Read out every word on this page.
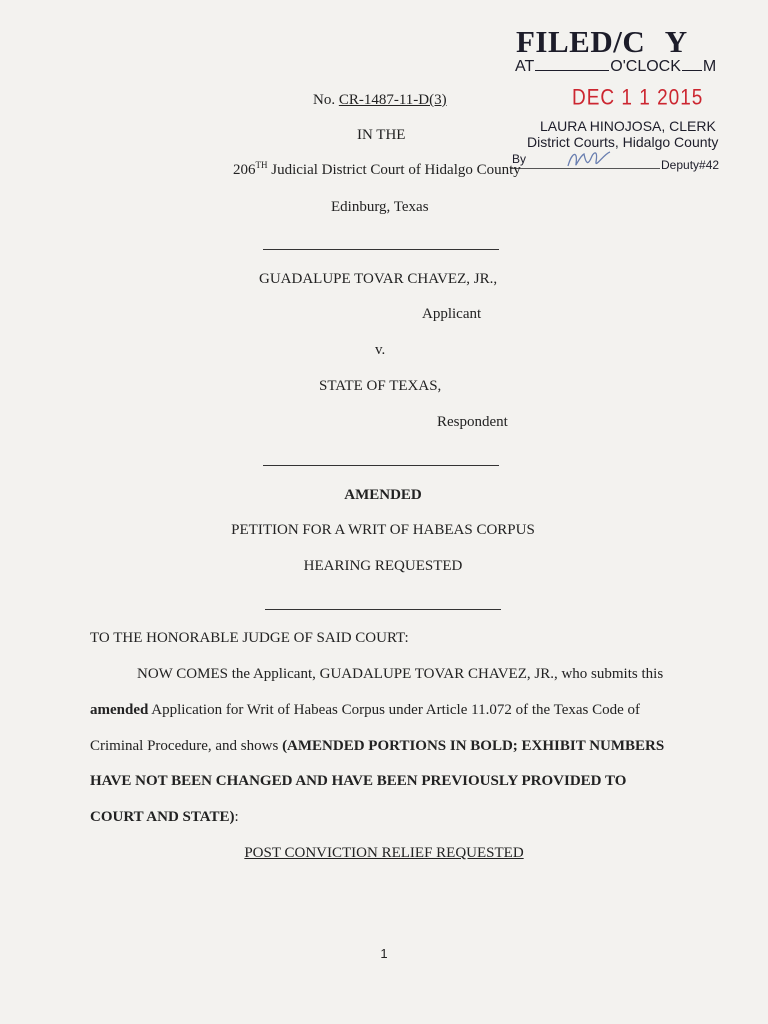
FILED/C Y
AT	O'CLOCK M
DEC 1 1 2015
LAURA HINOJOSA, CLERK
District Courts, Hidalgo County
By	Deputy#42
No. CR-1487-11-D(3)
IN THE
206TH Judicial District Court of Hidalgo County
Edinburg, Texas
GUADALUPE TOVAR CHAVEZ, JR.,
Applicant
v.
STATE OF TEXAS,
Respondent
AMENDED
PETITION FOR A WRIT OF HABEAS CORPUS
HEARING REQUESTED
TO THE HONORABLE JUDGE OF SAID COURT:
NOW COMES the Applicant, GUADALUPE TOVAR CHAVEZ, JR., who submits this
amended Application for Writ of Habeas Corpus under Article 11.072 of the Texas Code of
Criminal Procedure, and shows (AMENDED PORTIONS IN BOLD; EXHIBIT NUMBERS
HAVE NOT BEEN CHANGED AND HAVE BEEN PREVIOUSLY PROVIDED TO
COURT AND STATE):
POST CONVICTION RELIEF REQUESTED
1
